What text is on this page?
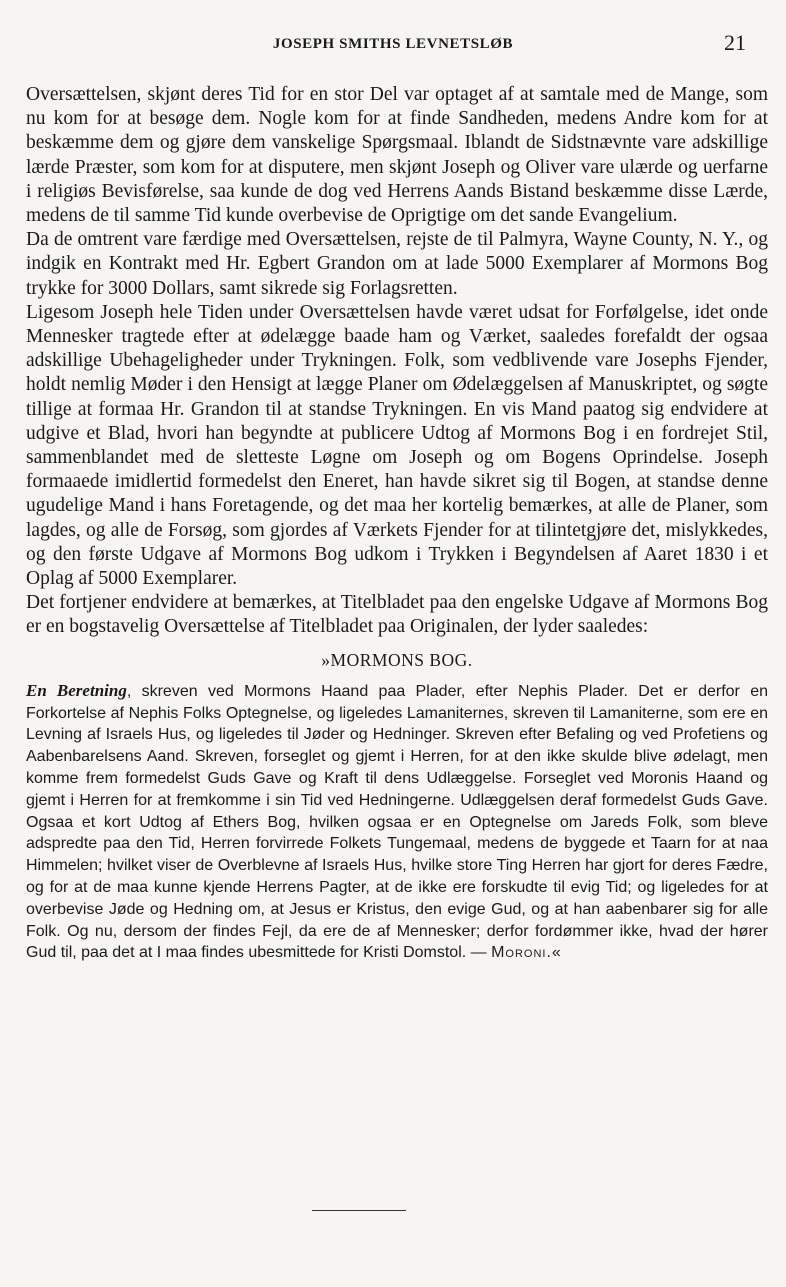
JOSEPH SMITHS LEVNETSLØB	21

Oversættelsen, skjønt deres Tid for en stor Del var optaget af at samtale med de Mange, som nu kom for at besøge dem. Nogle kom for at finde Sandheden, medens Andre kom for at beskæmme dem og gjøre dem vanskelige Spørgsmaal. Iblandt de Sidstnævnte vare adskillige lærde Præster, som kom for at disputere, men skjønt Joseph og Oliver vare ulærde og uerfarne i religiøs Bevisførelse, saa kunde de dog ved Herrens Aands Bistand beskæmme disse Lærde, medens de til samme Tid kunde overbevise de Oprigtige om det sande Evangelium.

Da de omtrent vare færdige med Oversættelsen, rejste de til Palmyra, Wayne County, N. Y., og indgik en Kontrakt med Hr. Egbert Grandon om at lade 5000 Exemplarer af Mormons Bog trykke for 3000 Dollars, samt sikrede sig Forlagsretten.

Ligesom Joseph hele Tiden under Oversættelsen havde været udsat for Forfølgelse, idet onde Mennesker tragtede efter at ødelægge baade ham og Værket, saaledes forefaldt der ogsaa adskillige Ubehageligheder under Trykningen. Folk, som vedblivende vare Josephs Fjender, holdt nemlig Møder i den Hensigt at lægge Planer om Ødelæggelsen af Manuskriptet, og søgte tillige at formaa Hr. Grandon til at standse Trykningen. En vis Mand paatog sig endvidere at udgive et Blad, hvori han begyndte at publicere Udtog af Mormons Bog i en fordrejet Stil, sammenblandet med de sletteste Løgne om Joseph og om Bogens Oprindelse. Joseph formaaede imidlertid formedelst den Eneret, han havde sikret sig til Bogen, at standse denne ugudelige Mand i hans Foretagende, og det maa her kortelig bemærkes, at alle de Planer, som lagdes, og alle de Forsøg, som gjordes af Værkets Fjender for at tilintetgjøre det, mislykkedes, og den første Udgave af Mormons Bog udkom i Trykken i Begyndelsen af Aaret 1830 i et Oplag af 5000 Exemplarer.

Det fortjener endvidere at bemærkes, at Titelbladet paa den engelske Udgave af Mormons Bog er en bogstavelig Oversættelse af Titelbladet paa Originalen, der lyder saaledes:

»MORMONS BOG.

En Beretning, skreven ved Mormons Haand paa Plader, efter Nephis Plader. Det er derfor en Forkortelse af Nephis Folks Optegnelse, og ligeledes Lamaniternes, skreven til Lamaniterne, som ere en Levning af Israels Hus, og ligeledes til Jøder og Hedninger. Skreven efter Befaling og ved Profetiens og Aabenbarelsens Aand. Skreven, forseglet og gjemt i Herren, for at den ikke skulde blive ødelagt, men komme frem formedelst Guds Gave og Kraft til dens Udlæggelse. Forseglet ved Moronis Haand og gjemt i Herren for at fremkomme i sin Tid ved Hedningerne. Udlæggelsen deraf formedelst Guds Gave. Ogsaa et kort Udtog af Ethers Bog, hvilken ogsaa er en Optegnelse om Jareds Folk, som bleve adspredte paa den Tid, Herren forvirrede Folkets Tungemaal, medens de byggede et Taarn for at naa Himmelen; hvilket viser de Overblevne af Israels Hus, hvilke store Ting Herren har gjort for deres Fædre, og for at de maa kunne kjende Herrens Pagter, at de ikke ere forskudte til evig Tid; og ligeledes for at overbevise Jøde og Hedning om, at Jesus er Kristus, den evige Gud, og at han aabenbarer sig for alle Folk. Og nu, dersom der findes Fejl, da ere de af Mennesker; derfor fordømmer ikke, hvad der hører Gud til, paa det at I maa findes ubesmittede for Kristi Domstol. — Moroni.«
